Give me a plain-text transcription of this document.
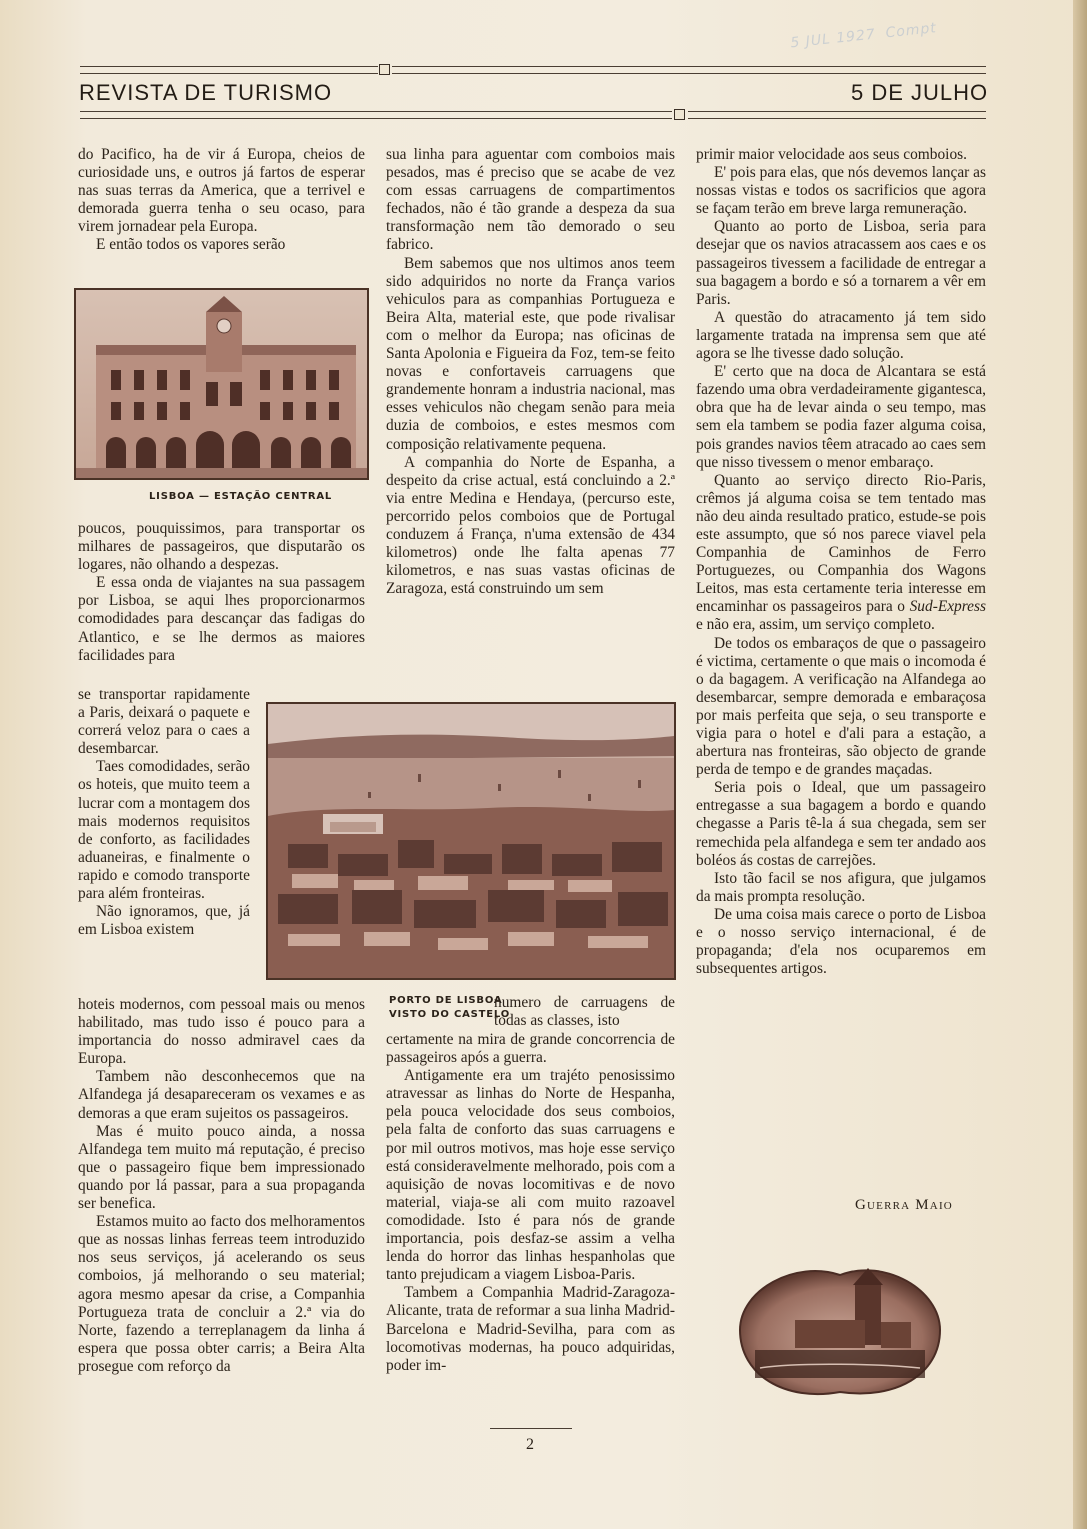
5 JUL 1927 Compt
REVISTA DE TURISMO	5 DE JULHO

do Pacifico, ha de vir á Europa, cheios de curiosidade uns, e outros já fartos de esperar nas suas terras da America, que a terrivel e demorada guerra tenha o seu ocaso, para virem jornadear pela Europa.

E então todos os vapores serão

LISBOA — ESTAÇÃO CENTRAL

poucos, pouquissimos, para transportar os milhares de passageiros, que disputarão os logares, não olhando a despezas.

E essa onda de viajantes na sua passagem por Lisboa, se aqui lhes proporcionarmos comodidades para descançar das fadigas do Atlantico, e se lhe dermos as maiores facilidades para

se transportar rapidamente a Paris, deixará o paquete e correrá veloz para o caes a desembarcar.

Taes comodidades, serão os hoteis, que muito teem a lucrar com a montagem dos mais modernos requisitos de conforto, as facilidades aduaneiras, e finalmente o rapido e comodo transporte para além fronteiras.

Não ignoramos, que, já em Lisboa existem

hoteis modernos, com pessoal mais ou menos habilitado, mas tudo isso é pouco para a importancia do nosso admiravel caes da Europa.

Tambem não desconhecemos que na Alfandega já desapareceram os vexames e as demoras a que eram sujeitos os passageiros.

Mas é muito pouco ainda, a nossa Alfandega tem muito má reputação, é preciso que o passageiro fique bem impressionado quando por lá passar, para a sua propaganda ser benefica.

Estamos muito ao facto dos melhoramentos que as nossas linhas ferreas teem introduzido nos seus serviços, já acelerando os seus comboios, já melhorando o seu material; agora mesmo apesar da crise, a Companhia Portugueza trata de concluir a 2.ª via do Norte, fazendo a terreplanagem da linha á espera que possa obter carris; a Beira Alta prosegue com reforço da

sua linha para aguentar com comboios mais pesados, mas é preciso que se acabe de vez com essas carruagens de compartimentos fechados, não é tão grande a despeza da sua transformação nem tão demorado o seu fabrico.

Bem sabemos que nos ultimos anos teem sido adquiridos no norte da França varios vehiculos para as companhias Portugueza e Beira Alta, material este, que pode rivalisar com o melhor da Europa; nas oficinas de Santa Apolonia e Figueira da Foz, tem-se feito novas e confortaveis carruagens que grandemente honram a industria nacional, mas esses vehiculos não chegam senão para meia duzia de comboios, e estes mesmos com composição relativamente pequena.

A companhia do Norte de Espanha, a despeito da crise actual, está concluindo a 2.ª via entre Medina e Hendaya, (percurso este, percorrido pelos comboios que de Portugal conduzem á França, n'uma extensão de 434 kilometros) onde lhe falta apenas 77 kilometros, e nas suas vastas oficinas de Zaragoza, está construindo um sem

PORTO DE LISBOA
VISTO DO CASTELO

numero de carruagens de todas as classes, isto

certamente na mira de grande concorrencia de passageiros após a guerra.

Antigamente era um trajéto penosissimo atravessar as linhas do Norte de Hespanha, pela pouca velocidade dos seus comboios, pela falta de conforto das suas carruagens e por mil outros motivos, mas hoje esse serviço está consideravelmente melhorado, pois com a aquisição de novas locomitivas e de novo material, viaja-se ali com muito razoavel comodidade. Isto é para nós de grande importancia, pois desfaz-se assim a velha lenda do horror das linhas hespanholas que tanto prejudicam a viagem Lisboa-Paris.

Tambem a Companhia Madrid-Zaragoza-Alicante, trata de reformar a sua linha Madrid-Barcelona e Madrid-Sevilha, para com as locomotivas modernas, ha pouco adquiridas, poder im-

primir maior velocidade aos seus comboios.

E' pois para elas, que nós devemos lançar as nossas vistas e todos os sacrificios que agora se façam terão em breve larga remuneração.

Quanto ao porto de Lisboa, seria para desejar que os navios atracassem aos caes e os passageiros tivessem a facilidade de entregar a sua bagagem a bordo e só a tornarem a vêr em Paris.

A questão do atracamento já tem sido largamente tratada na imprensa sem que até agora se lhe tivesse dado solução.

E' certo que na doca de Alcantara se está fazendo uma obra verdadeiramente gigantesca, obra que ha de levar ainda o seu tempo, mas sem ela tambem se podia fazer alguma coisa, pois grandes navios têem atracado ao caes sem que nisso tivessem o menor embaraço.

Quanto ao serviço directo Rio-Paris, crêmos já alguma coisa se tem tentado mas não deu ainda resultado pratico, estude-se pois este assumpto, que só nos parece viavel pela Companhia de Caminhos de Ferro Portuguezes, ou Companhia dos Wagons Leitos, mas esta certamente teria interesse em encaminhar os passageiros para o Sud-Express e não era, assim, um serviço completo.

De todos os embaraços de que o passageiro é victima, certamente o que mais o incomoda é o da bagagem. A verificação na Alfandega ao desembarcar, sempre demorada e embaraçosa por mais perfeita que seja, o seu transporte e vigia para o hotel e d'ali para a estação, a abertura nas fronteiras, são objecto de grande perda de tempo e de grandes maçadas.

Seria pois o Ideal, que um passageiro entregasse a sua bagagem a bordo e quando chegasse a Paris tê-la á sua chegada, sem ser remechida pela alfandega e sem ter andado aos boléos ás costas de carrejões.

Isto tão facil se nos afigura, que julgamos da mais prompta resolução.

De uma coisa mais carece o porto de Lisboa e o nosso serviço internacional, é de propaganda; d'ela nos ocuparemos em subsequentes artigos.

Guerra Maio
2
